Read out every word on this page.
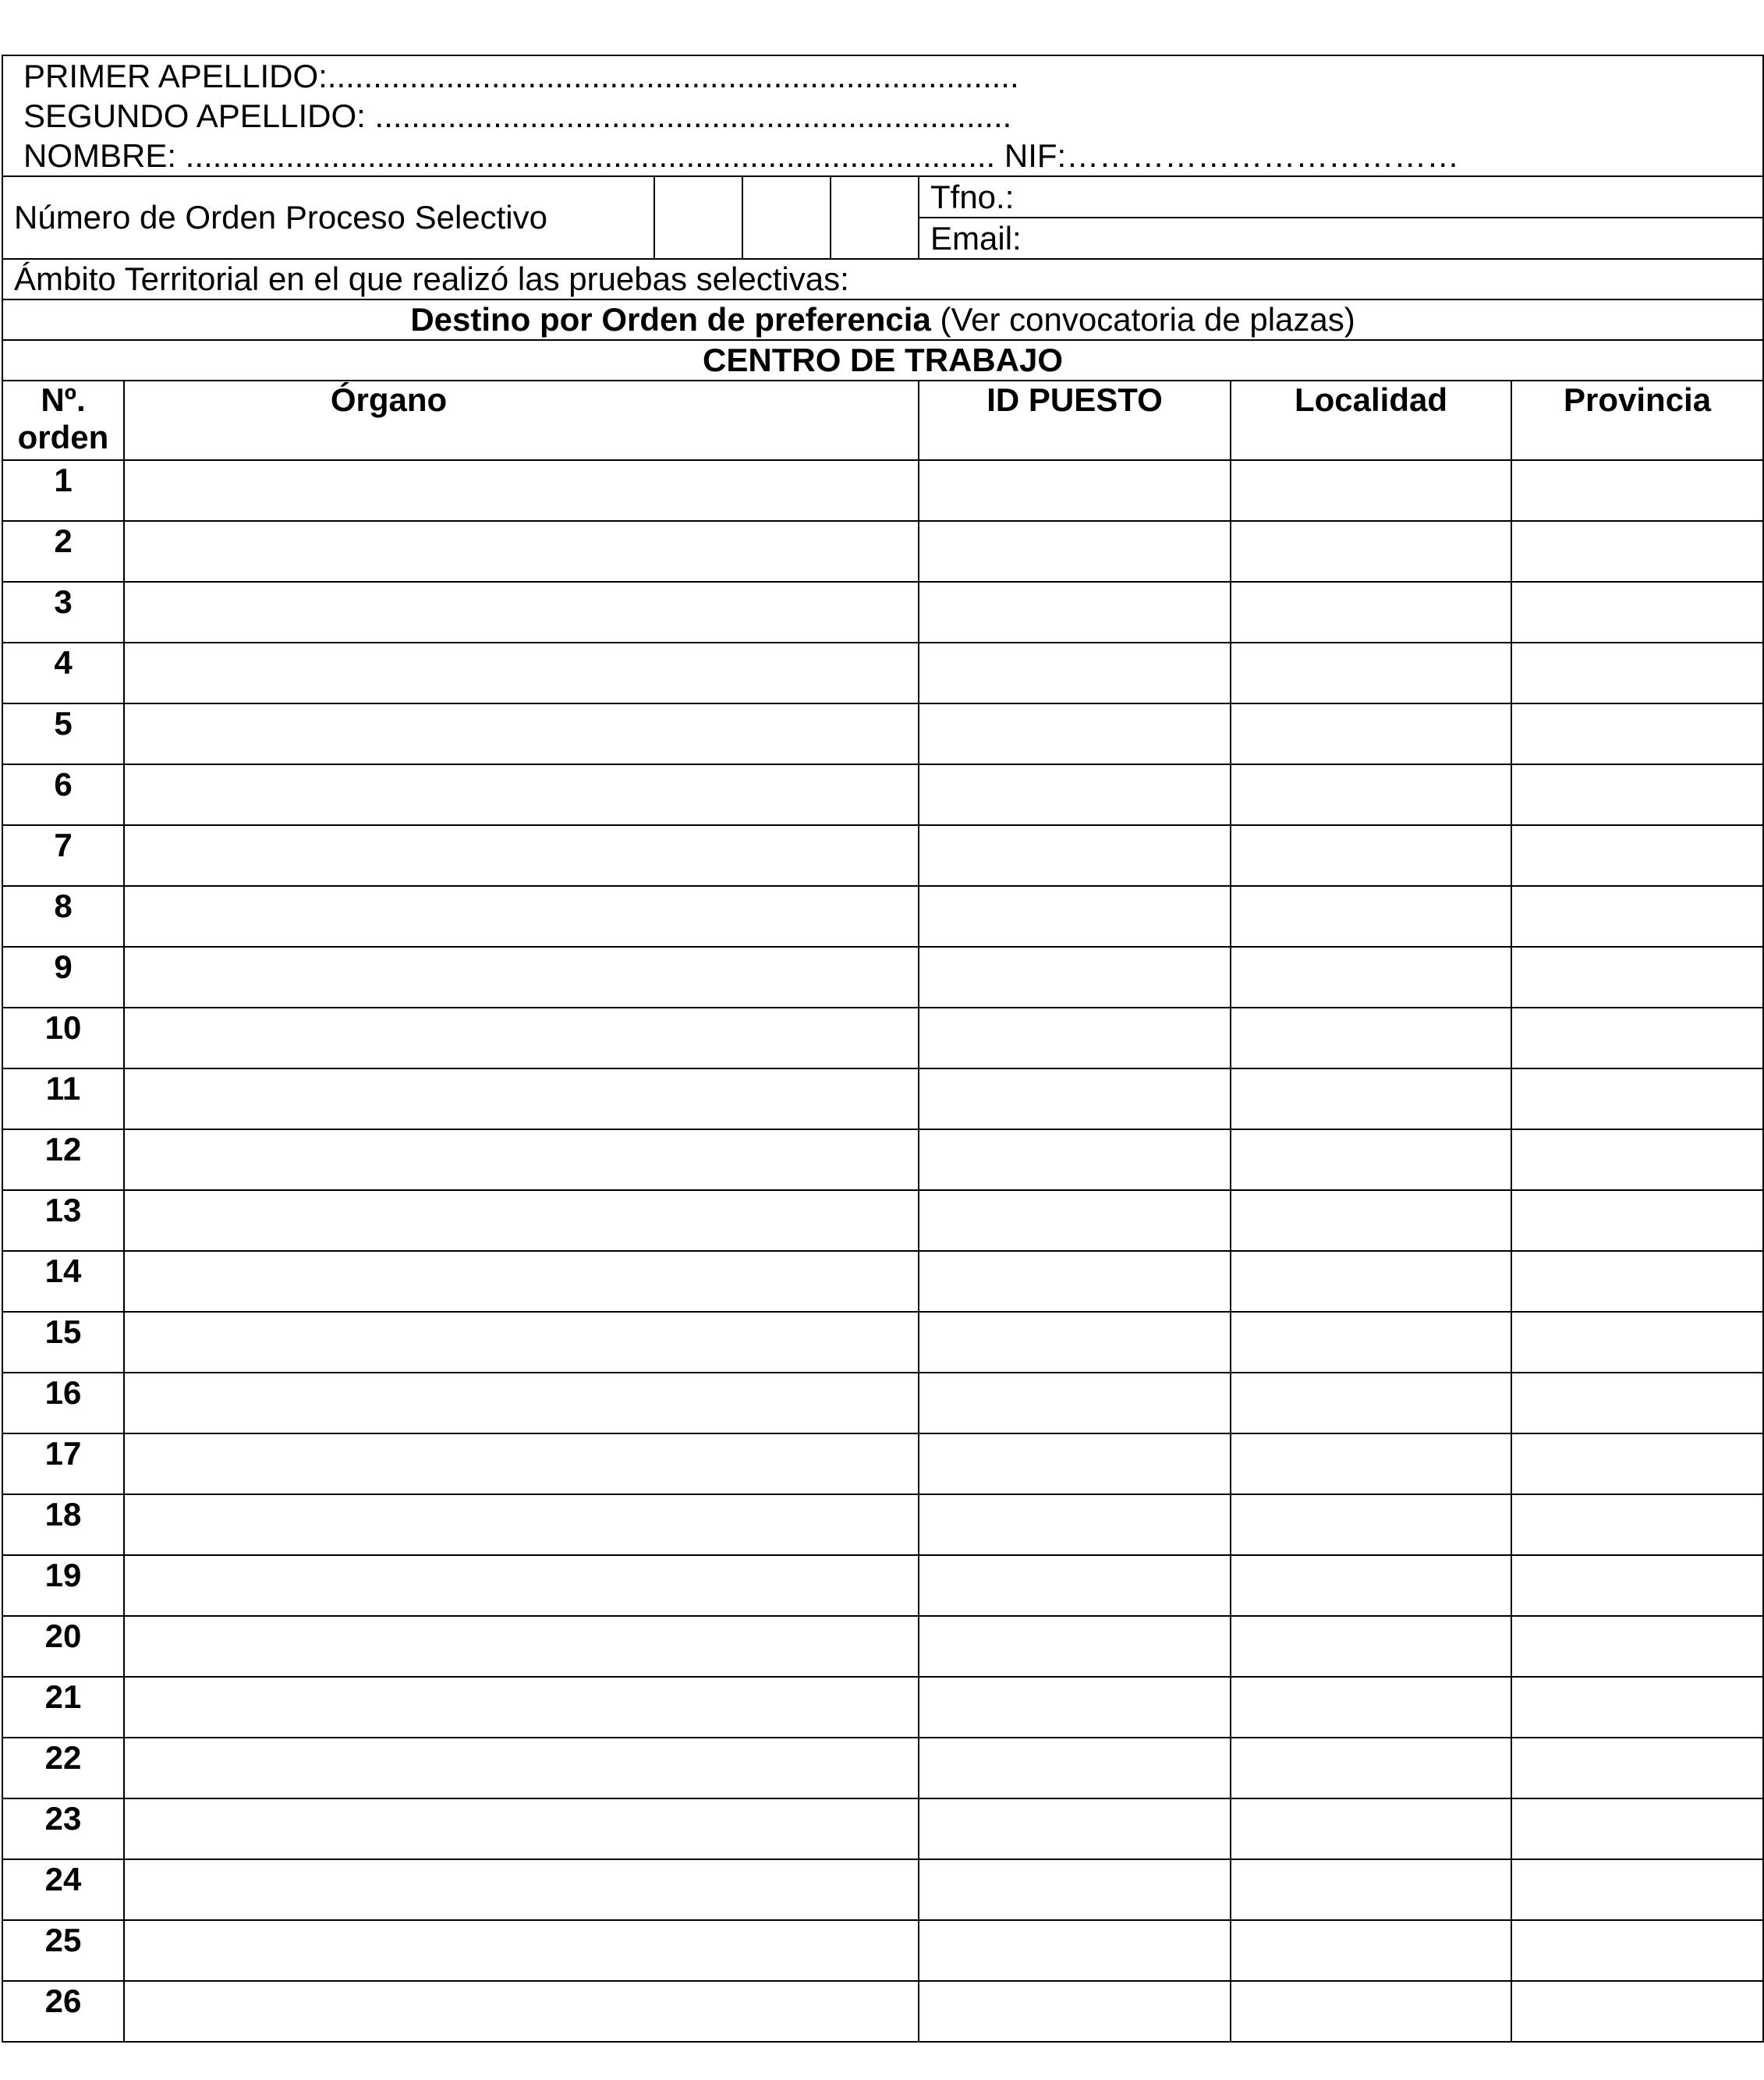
PRIMER APELLIDO:............................................................................
SEGUNDO APELLIDO: ......................................................................
NOMBRE: ......................................................................................... NIF:………………………………							

Número de Orden Proceso Selectivo					Tfno.:		
					Email:		
Ámbito Territorial en el que realizó las pruebas selectivas:							
Destino por Orden de preferencia (Ver convocatoria de plazas)							
CENTRO DE TRABAJO							

Nº.
orden	Órgano				ID PUESTO	Localidad	Provincia
1							
2							
3							
4							
5							
6							
7							
8							
9							
10							
11							
12							
13							
14							
15							
16							
17							
18							
19							
20							
21							
22							
23							
24							
25							
26							
